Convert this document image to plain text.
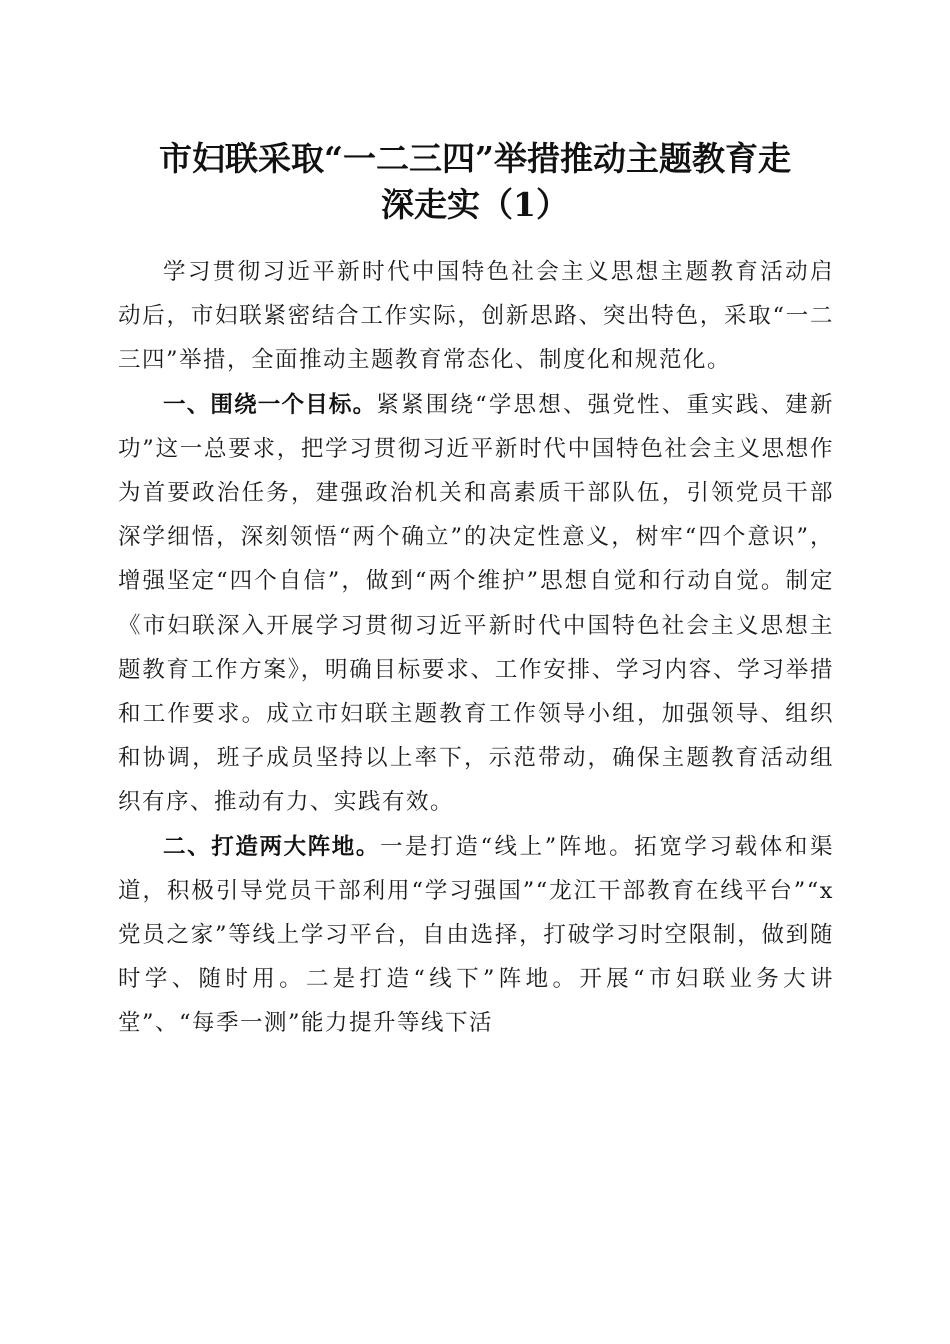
市妇联采取“一二三四”举措推动主题教育走
深走实（1）

学习贯彻习近平新时代中国特色社会主义思想主题教育活动启动后，市妇联紧密结合工作实际，创新思路、突出特色，采取“一二三四”举措，全面推动主题教育常态化、制度化和规范化。

一、围绕一个目标。紧紧围绕“学思想、强党性、重实践、建新功”这一总要求，把学习贯彻习近平新时代中国特色社会主义思想作为首要政治任务，建强政治机关和高素质干部队伍，引领党员干部深学细悟，深刻领悟“两个确立”的决定性意义，树牢“四个意识”，增强坚定“四个自信”，做到“两个维护”思想自觉和行动自觉。制定《市妇联深入开展学习贯彻习近平新时代中国特色社会主义思想主题教育工作方案》，明确目标要求、工作安排、学习内容、学习举措和工作要求。成立市妇联主题教育工作领导小组，加强领导、组织和协调，班子成员坚持以上率下，示范带动，确保主题教育活动组织有序、推动有力、实践有效。

二、打造两大阵地。一是打造“线上”阵地。拓宽学习载体和渠道，积极引导党员干部利用“学习强国”“龙江干部教育在线平台”“x党员之家”等线上学习平台，自由选择，打破学习时空限制，做到随时学、随时用。二是打造“线下”阵地。开展“市妇联业务大讲堂”、“每季一测”能力提升等线下活
